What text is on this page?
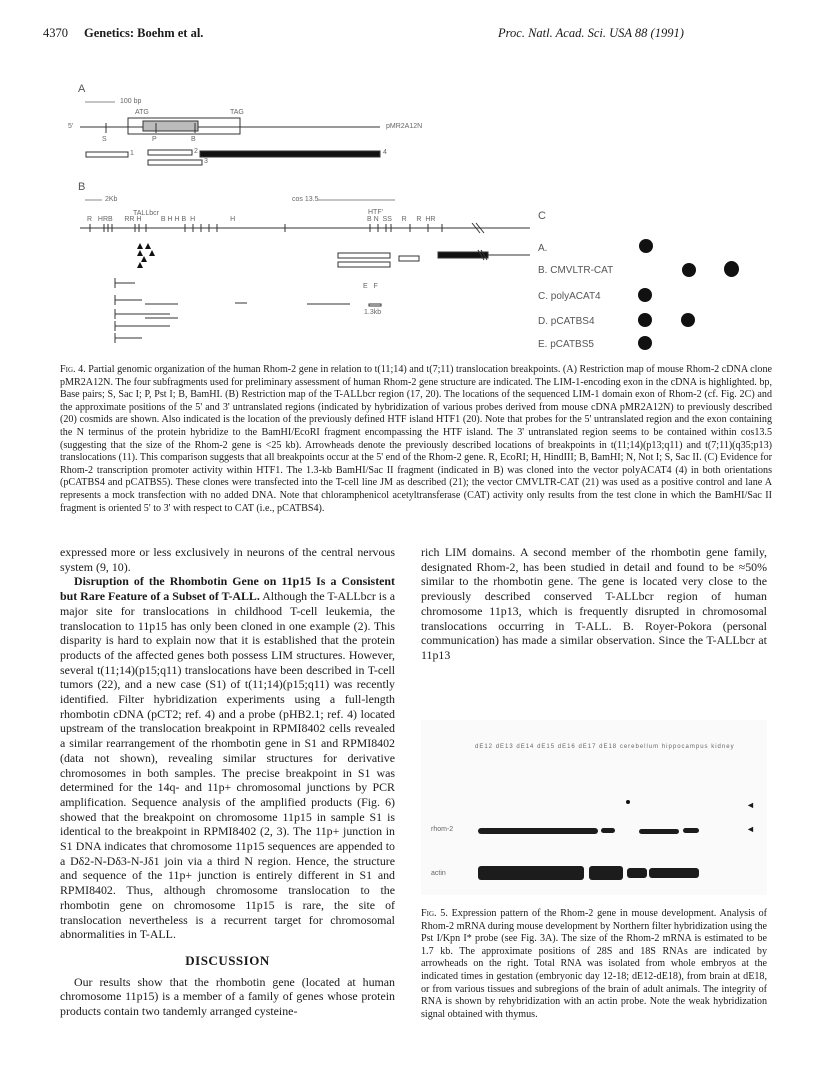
4370 Genetics: Boehm et al.	Proc. Natl. Acad. Sci. USA 88 (1991)
A
100 bp
ATG	TAG
5'	pMR2A12N
S	P	B
1	2
3
4
B
2Kb	cos 13.5
TALLbcr	HTF'
R   HRB      RR H          B H H B  H                  H	B N  SS     R     R  HR
E   F
1.3kb
C
A.
B. CMVLTR-CAT
C. polyACAT4
D. pCATBS4
E. pCATBS5
Fig. 4. Partial genomic organization of the human Rhom-2 gene in relation to t(11;14) and t(7;11) translocation breakpoints. (A) Restriction map of mouse Rhom-2 cDNA clone pMR2A12N. The four subfragments used for preliminary assessment of human Rhom-2 gene structure are indicated. The LIM-1-encoding exon in the cDNA is highlighted. bp, Base pairs; S, Sac I; P, Pst I; B, BamHI. (B) Restriction map of the T-ALLbcr region (17, 20). The locations of the sequenced LIM-1 domain exon of Rhom-2 (cf. Fig. 2C) and the approximate positions of the 5' and 3' untranslated regions (indicated by hybridization of various probes derived from mouse cDNA pMR2A12N) to previously described (20) cosmids are shown. Also indicated is the location of the previously defined HTF island HTF1 (20). Note that probes for the 5' untranslated region and the exon containing the N terminus of the protein hybridize to the BamHI/EcoRI fragment encompassing the HTF island. The 3' untranslated region seems to be contained within cos13.5 (suggesting that the size of the Rhom-2 gene is <25 kb). Arrowheads denote the previously described locations of breakpoints in t(11;14)(p13;q11) and t(7;11)(q35;p13) translocations (11). This comparison suggests that all breakpoints occur at the 5' end of the Rhom-2 gene. R, EcoRI; H, HindIII; B, BamHI; N, Not I; S, Sac II. (C) Evidence for Rhom-2 transcription promoter activity within HTF1. The 1.3-kb BamHI/Sac II fragment (indicated in B) was cloned into the vector polyACAT4 (4) in both orientations (pCATBS4 and pCATBS5). These clones were transfected into the T-cell line JM as described (21); the vector CMVLTR-CAT (21) was used as a positive control and lane A represents a mock transfection with no added DNA. Note that chloramphenicol acetyltransferase (CAT) activity only results from the test clone in which the BamHI/Sac II fragment is oriented 5' to 3' with respect to CAT (i.e., pCATBS4).

expressed more or less exclusively in neurons of the central nervous system (9, 10).

Disruption of the Rhombotin Gene on 11p15 Is a Consistent but Rare Feature of a Subset of T-ALL. Although the T-ALLbcr is a major site for translocations in childhood T-cell leukemia, the translocation to 11p15 has only been cloned in one example (2). This disparity is hard to explain now that it is established that the protein products of the affected genes both possess LIM structures. However, several t(11;14)(p15;q11) translocations have been described in T-cell tumors (22), and a new case (S1) of t(11;14)(p15;q11) was recently identified. Filter hybridization experiments using a full-length rhombotin cDNA (pCT2; ref. 4) and a probe (pHB2.1; ref. 4) located upstream of the translocation breakpoint in RPMI8402 cells revealed a similar rearrangement of the rhombotin gene in S1 and RPMI8402 (data not shown), revealing similar structures for derivative chromosomes in both samples. The precise breakpoint in S1 was determined for the 14q- and 11p+ chromosomal junctions by PCR amplification. Sequence analysis of the amplified products (Fig. 6) showed that the breakpoint on chromosome 11p15 in sample S1 is identical to the breakpoint in RPMI8402 (2, 3). The 11p+ junction in S1 DNA indicates that chromosome 11p15 sequences are appended to a Dδ2-N-Dδ3-N-Jδ1 join via a third N region. Hence, the structure and sequence of the 11p+ junction is entirely different in S1 and RPMI8402. Thus, although chromosome translocation to the rhombotin gene on chromosome 11p15 is rare, the site of translocation nevertheless is a recurrent target for chromosomal abnormalities in T-ALL.

DISCUSSION

Our results show that the rhombotin gene (located at human chromosome 11p15) is a member of a family of genes whose protein products contain two tandemly arranged cysteine-

rich LIM domains. A second member of the rhombotin gene family, designated Rhom-2, has been studied in detail and found to be ≈50% similar to the rhombotin gene. The gene is located very close to the previously described conserved T-ALLbcr region of human chromosome 11p13, which is frequently disrupted in chromosomal translocations occurring in T-ALL. B. Royer-Pokora (personal communication) has made a similar observation. Since the T-ALLbcr at 11p13

dE12 dE13 dE14 dE15 dE16 dE17 dE18 cerebellum hippocampus kidney
rhom-2
actin
◄
◄
Fig. 5. Expression pattern of the Rhom-2 gene in mouse development. Analysis of Rhom-2 mRNA during mouse development by Northern filter hybridization using the Pst I/Kpn I* probe (see Fig. 3A). The size of the Rhom-2 mRNA is estimated to be 1.7 kb. The approximate positions of 28S and 18S RNAs are indicated by arrowheads on the right. Total RNA was isolated from whole embryos at the indicated times in gestation (embryonic day 12-18; dE12-dE18), from brain at dE18, or from various tissues and subregions of the brain of adult animals. The integrity of RNA is shown by rehybridization with an actin probe. Note the weak hybridization signal obtained with thymus.
